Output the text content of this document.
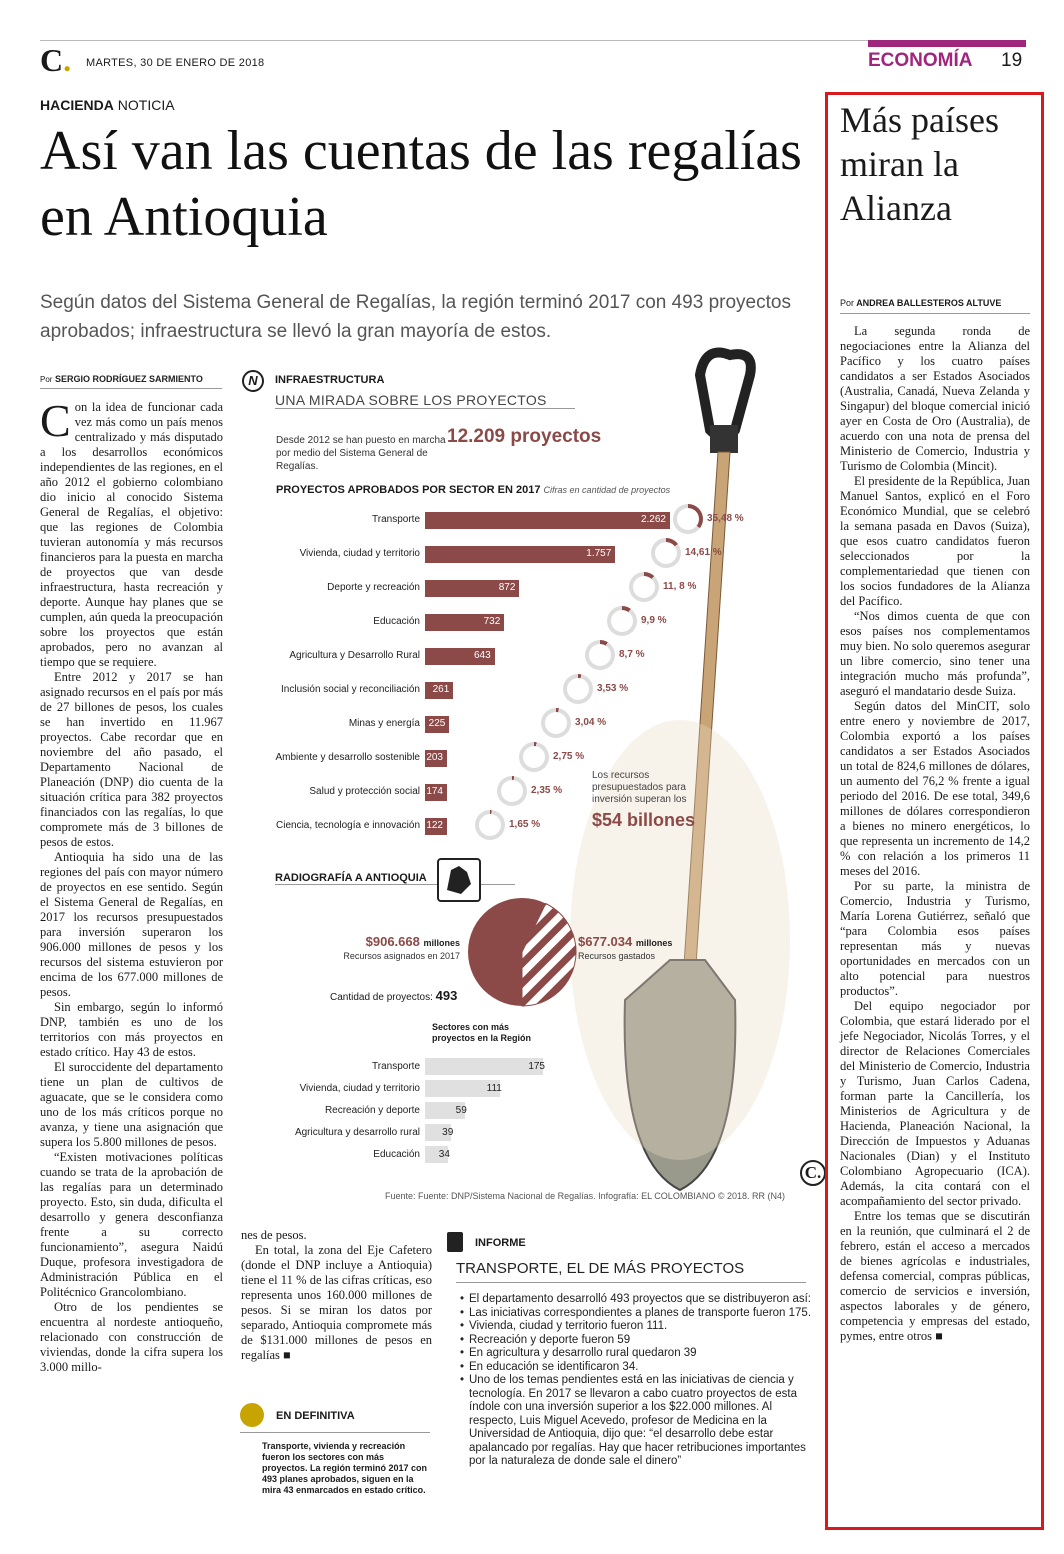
C. MARTES, 30 DE ENERO DE 2018	ECONOMÍA 19
HACIENDA NOTICIA
Así van las cuentas de las regalías en Antioquia
Según datos del Sistema General de Regalías, la región terminó 2017 con 493 proyectos aprobados; infraestructura se llevó la gran mayoría de estos.
Por SERGIO RODRÍGUEZ SARMIENTO

Con la idea de funcionar cada vez más como un país menos centralizado y más disputado a los desarrollos económicos independientes de las regiones, en el año 2012 el gobierno colombiano dio inicio al conocido Sistema General de Regalías, el objetivo: que las regiones de Colombia tuvieran autonomía y más recursos financieros para la puesta en marcha de proyectos que van desde infraestructura, hasta recreación y deporte. Aunque hay planes que se cumplen, aún queda la preocupación sobre los proyectos que están aprobados, pero no avanzan al tiempo que se requiere.

Entre 2012 y 2017 se han asignado recursos en el país por más de 27 billones de pesos, los cuales se han invertido en 11.967 proyectos. Cabe recordar que en noviembre del año pasado, el Departamento Nacional de Planeación (DNP) dio cuenta de la situación crítica para 382 proyectos financiados con las regalías, lo que compromete más de 3 billones de pesos de estos.

Antioquia ha sido una de las regiones del país con mayor número de proyectos en ese sentido. Según el Sistema General de Regalías, en 2017 los recursos presupuestados para inversión superaron los 906.000 millones de pesos y los recursos del sistema estuvieron por encima de los 677.000 millones de pesos.

Sin embargo, según lo informó DNP, también es uno de los territorios con más proyectos en estado crítico. Hay 43 de estos.

El suroccidente del departamento tiene un plan de cultivos de aguacate, que se le considera como uno de los más críticos porque no avanza, y tiene una asignación que supera los 5.800 millones de pesos.

“Existen motivaciones políticas cuando se trata de la aprobación de las regalías para un determinado proyecto. Esto, sin duda, dificulta el desarrollo y genera desconfianza frente a su correcto funcionamiento”, asegura Naidú Duque, profesora investigadora de Administración Pública en el Politécnico Grancolombiano.

Otro de los pendientes se encuentra al nordeste antioqueño, relacionado con construcción de viviendas, donde la cifra supera los 3.000 millo-

nes de pesos.

En total, la zona del Eje Cafetero (donde el DNP incluye a Antioquia) tiene el 11 % de las cifras críticas, eso representa unos 160.000 millones de pesos. Si se miran los datos por separado, Antioquia compromete más de $131.000 millones de pesos en regalías ■

N	INFRAESTRUCTURA
UNA MIRADA SOBRE LOS PROYECTOS
Desde 2012 se han puesto en marcha por medio del Sistema General de Regalías.
12.209 proyectos
PROYECTOS APROBADOS POR SECTOR EN 2017 Cifras en cantidad de proyectos
Transporte	2.262	35,48 %
Vivienda, ciudad y territorio	1.757	14,61 %
Deporte y recreación	872	11, 8 %
Educación	732	9,9 %
Agricultura y Desarrollo Rural	643	8,7 %
Inclusión social y reconciliación	261	3,53 %
Minas y energía 225	3,04 %
Ambiente y desarrollo sostenible 203	2,75 %
Salud y protección social 174	2,35 %
Ciencia, tecnología e innovación 122	1,65 %
Los recursos presupuestados para inversión superan los
$54 billones
RADIOGRAFÍA A ANTIOQUIA
$906.668 millones
Recursos asignados en 2017
$677.034 millones
Recursos gastados
Cantidad de proyectos: 493
Sectores con más proyectos en la Región
Transporte	175
Vivienda, ciudad y territorio	111
Recreación y deporte	59
Agricultura y desarrollo rural	39
Educación	34
C.
Fuente: Fuente: DNP/Sistema Nacional de Regalías. Infografía: EL COLOMBIANO © 2018. RR (N4)
INFORME
TRANSPORTE, EL DE MÁS PROYECTOS
• El departamento desarrolló 493 proyectos que se distribuyeron así:
• Las iniciativas correspondientes a planes de transporte fueron 175.
• Vivienda, ciudad y territorio fueron 111.
• Recreación y deporte fueron 59
• En agricultura y desarrollo rural quedaron 39
• En educación se identificaron 34.
• Uno de los temas pendientes está en las iniciativas de ciencia y tecnología. En 2017 se llevaron a cabo cuatro proyectos de esta índole con una inversión superior a los $22.000 millones. Al respecto, Luis Miguel Acevedo, profesor de Medicina en la Universidad de Antioquia, dijo que: “el desarrollo debe estar apalancado por regalías. Hay que hacer retribuciones importantes por la naturaleza de donde sale el dinero”
EN DEFINITIVA
Transporte, vivienda y recreación fueron los sectores con más proyectos. La región terminó 2017 con 493 planes aprobados, siguen en la mira 43 enmarcados en estado crítico.
Más países miran la Alianza
Por ANDREA BALLESTEROS ALTUVE

La segunda ronda de negociaciones entre la Alianza del Pacífico y los cuatro países candidatos a ser Estados Asociados (Australia, Canadá, Nueva Zelanda y Singapur) del bloque comercial inició ayer en Costa de Oro (Australia), de acuerdo con una nota de prensa del Ministerio de Comercio, Industria y Turismo de Colombia (Mincit).

El presidente de la República, Juan Manuel Santos, explicó en el Foro Económico Mundial, que se celebró la semana pasada en Davos (Suiza), que esos cuatro candidatos fueron seleccionados por la complementariedad que tienen con los socios fundadores de la Alianza del Pacífico.

“Nos dimos cuenta de que con esos países nos complementamos muy bien. No solo queremos asegurar un libre comercio, sino tener una integración mucho más profunda”, aseguró el mandatario desde Suiza.

Según datos del MinCIT, solo entre enero y noviembre de 2017, Colombia exportó a los países candidatos a ser Estados Asociados un total de 824,6 millones de dólares, un aumento del 76,2 % frente a igual periodo del 2016. De ese total, 349,6 millones de dólares correspondieron a bienes no minero energéticos, lo que representa un incremento de 14,2 % con relación a los primeros 11 meses del 2016.

Por su parte, la ministra de Comercio, Industria y Turismo, María Lorena Gutiérrez, señaló que “para Colombia esos países representan más y nuevas oportunidades en mercados con un alto potencial para nuestros productos”.

Del equipo negociador por Colombia, que estará liderado por el jefe Negociador, Nicolás Torres, y el director de Relaciones Comerciales del Ministerio de Comercio, Industria y Turismo, Juan Carlos Cadena, forman parte la Cancillería, los Ministerios de Agricultura y de Hacienda, Planeación Nacional, la Dirección de Impuestos y Aduanas Nacionales (Dian) y el Instituto Colombiano Agropecuario (ICA). Además, la cita contará con el acompañamiento del sector privado.

Entre los temas que se discutirán en la reunión, que culminará el 2 de febrero, están el acceso a mercados de bienes agrícolas e industriales, defensa comercial, compras públicas, comercio de servicios e inversión, aspectos laborales y de género, competencia y empresas del estado, pymes, entre otros ■
